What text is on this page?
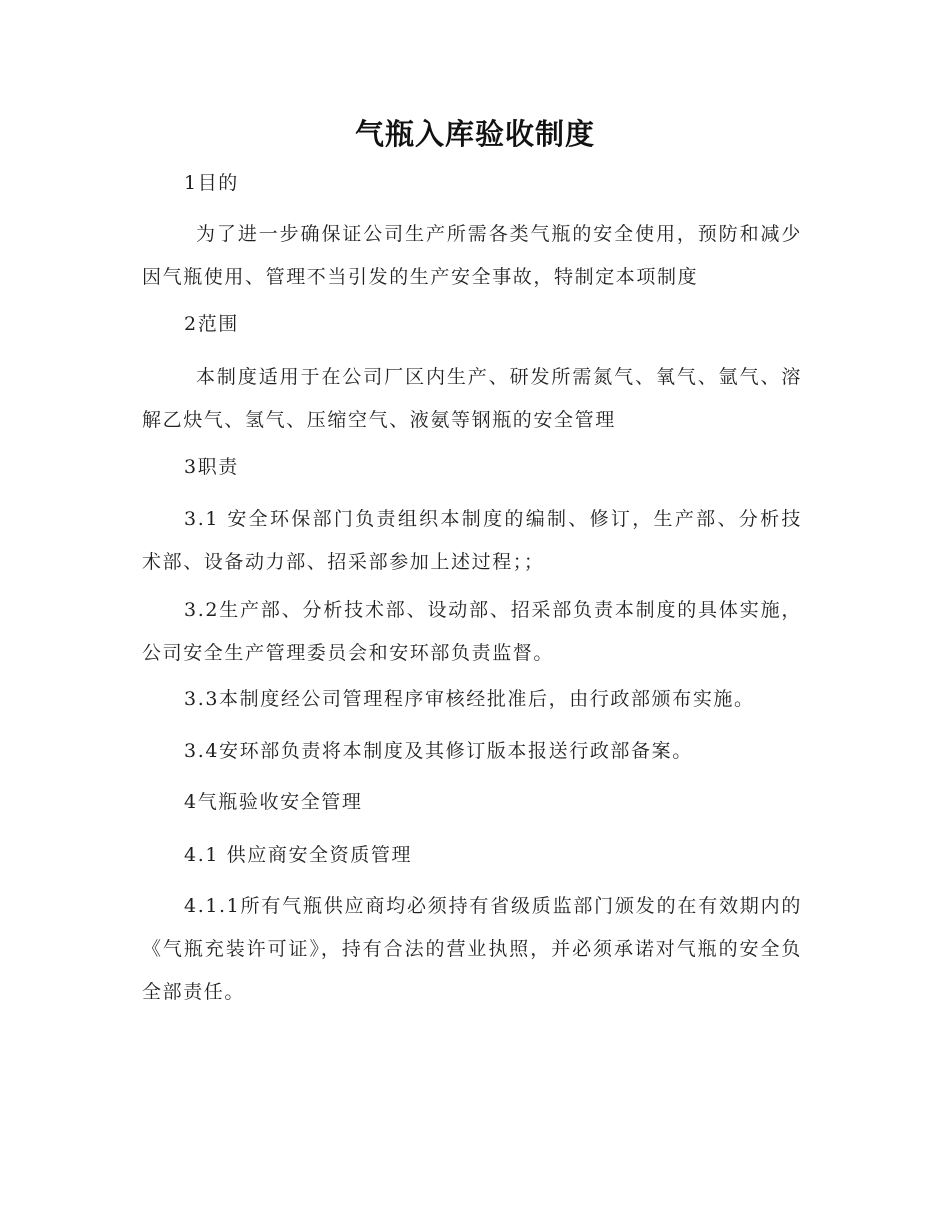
气瓶入库验收制度

1目的

为了进一步确保证公司生产所需各类气瓶的安全使用，预防和减少因气瓶使用、管理不当引发的生产安全事故，特制定本项制度

2范围

本制度适用于在公司厂区内生产、研发所需氮气、氧气、氩气、溶解乙炔气、氢气、压缩空气、液氨等钢瓶的安全管理

3职责

3.1 安全环保部门负责组织本制度的编制、修订，生产部、分析技术部、设备动力部、招采部参加上述过程；；

3.2生产部、分析技术部、设动部、招采部负责本制度的具体实施，公司安全生产管理委员会和安环部负责监督。

3.3本制度经公司管理程序审核经批准后，由行政部颁布实施。

3.4安环部负责将本制度及其修订版本报送行政部备案。

4气瓶验收安全管理

4.1 供应商安全资质管理

4.1.1所有气瓶供应商均必须持有省级质监部门颁发的在有效期内的《气瓶充装许可证》，持有合法的营业执照，并必须承诺对气瓶的安全负全部责任。
